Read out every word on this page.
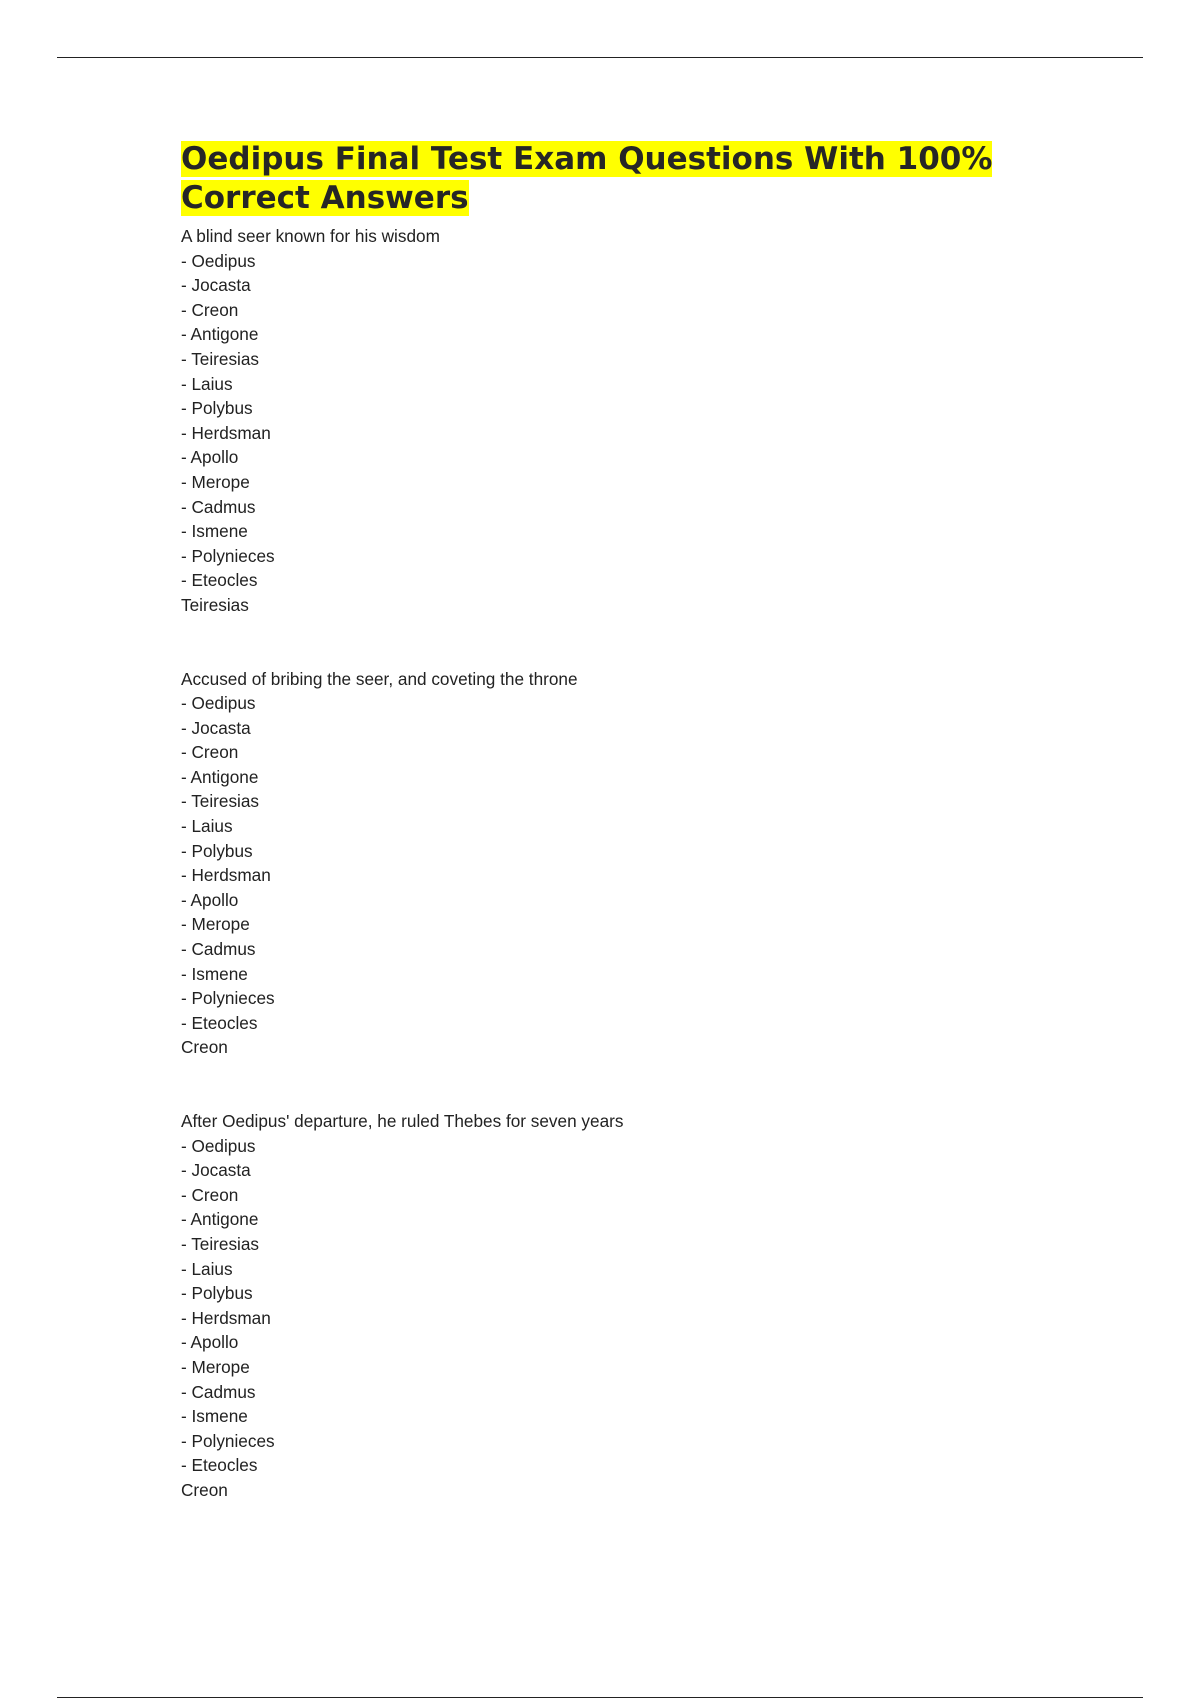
Oedipus Final Test Exam Questions With 100% Correct Answers
A blind seer known for his wisdom
- Oedipus
- Jocasta
- Creon
- Antigone
- Teiresias
- Laius
- Polybus
- Herdsman
- Apollo
- Merope
- Cadmus
- Ismene
- Polynieces
- Eteocles
Teiresias
Accused of bribing the seer, and coveting the throne
- Oedipus
- Jocasta
- Creon
- Antigone
- Teiresias
- Laius
- Polybus
- Herdsman
- Apollo
- Merope
- Cadmus
- Ismene
- Polynieces
- Eteocles
Creon
After Oedipus' departure, he ruled Thebes for seven years
- Oedipus
- Jocasta
- Creon
- Antigone
- Teiresias
- Laius
- Polybus
- Herdsman
- Apollo
- Merope
- Cadmus
- Ismene
- Polynieces
- Eteocles
Creon
